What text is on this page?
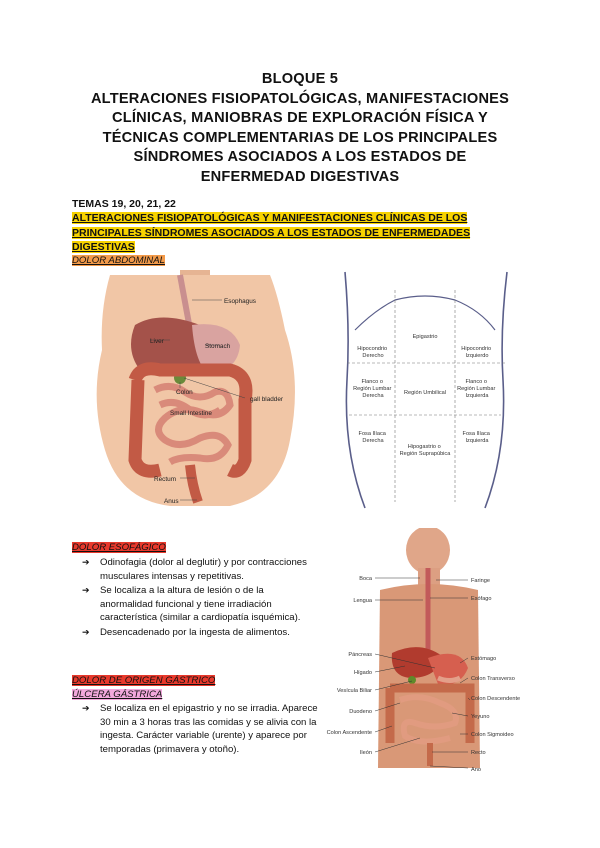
BLOQUE 5
ALTERACIONES FISIOPATOLÓGICAS, MANIFESTACIONES
CLÍNICAS, MANIOBRAS DE EXPLORACIÓN FÍSICA Y
TÉCNICAS COMPLEMENTARIAS DE LOS PRINCIPALES
SÍNDROMES ASOCIADOS A LOS ESTADOS DE
ENFERMEDAD DIGESTIVAS
TEMAS 19, 20, 21, 22
ALTERACIONES FISIOPATOLÓGICAS Y MANIFESTACIONES CLÍNICAS DE LOS PRINCIPALES SÍNDROMES ASOCIADOS A LOS ESTADOS DE ENFERMEDADES DIGESTIVAS
DOLOR ABDOMINAL
Esophagus
Liver
Stomach
Colon
gall bladder
Small Intestine
Rectum
Anus
Epigastrio
Hipocondrio Derecho
Hipocondrio Izquierdo
Flanco o Región Lumbar Derecha	Región Umbilical
Flanco o Región Lumbar Izquierda
Fosa Ilíaca Derecha
Hipogastrio o Región Suprapúbica
Fosa Ilíaca Izquierda
DOLOR ESOFÁGICO
➔ Odinofagia (dolor al deglutir) y por contracciones musculares intensas y repetitivas.
➔ Se localiza a la altura de lesión o de la anormalidad funcional y tiene irradiación característica (similar a cardiopatía isquémica).
➔ Desencadenado por la ingesta de alimentos.
DOLOR DE ORIGEN GÁSTRICO
ÚLCERA GÁSTRICA
➔ Se localiza en el epigastrio y no se irradia. Aparece 30 min a 3 horas tras las comidas y se alivia con la ingesta. Carácter variable (urente) y aparece por temporadas (primavera y otoño).
Boca
Lengua
Páncreas
Hígado
Vesícula Biliar
Duodeno
Colon Ascendente
Ileón
Faringe
Esófago
Estómago
Colon Transverso
Colon Descendente
Yeyuno
Colon Sigmoideo
Recto
Ano
